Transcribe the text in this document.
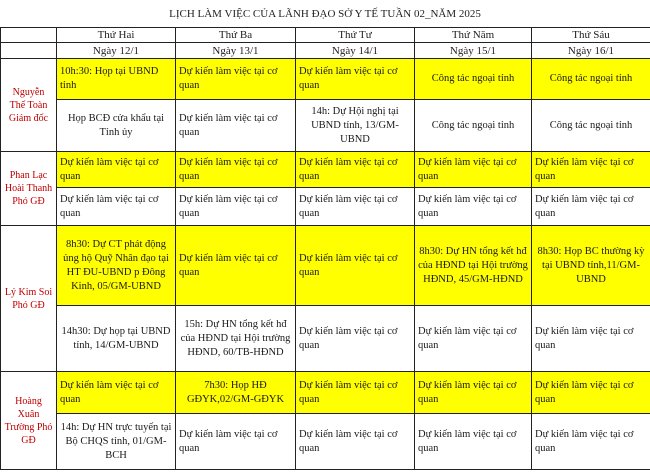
LỊCH LÀM VIỆC CỦA LÃNH ĐẠO SỞ Y TẾ TUẦN 02_NĂM 2025
	Thứ Hai	Thứ Ba	Thứ Tư	Thứ Năm	Thứ Sáu
	Ngày 12/1	Ngày 13/1	Ngày 14/1	Ngày 15/1	Ngày 16/1
Nguyễn Thế Toàn Giám đốc	10h:30: Họp tại UBND tỉnh	Dự kiến làm việc tại cơ quan	Dự kiến làm việc tại cơ quan	Công tác ngoại tỉnh	Công tác ngoại tỉnh
	Họp BCĐ cửa khẩu tại Tỉnh ủy	Dự kiến làm việc tại cơ quan	14h: Dự Hội nghị tại UBND tỉnh, 13/GM-UBND	Công tác ngoại tỉnh	Công tác ngoại tỉnh
Phan Lạc Hoài Thanh Phó GĐ	Dự kiến làm việc tại cơ quan	Dự kiến làm việc tại cơ quan	Dự kiến làm việc tại cơ quan	Dự kiến làm việc tại cơ quan	Dự kiến làm việc tại cơ quan
	Dự kiến làm việc tại cơ quan	Dự kiến làm việc tại cơ quan	Dự kiến làm việc tại cơ quan	Dự kiến làm việc tại cơ quan	Dự kiến làm việc tại cơ quan
Lý Kim Soi Phó GĐ	8h30: Dự CT phát động ủng hộ Quỹ Nhân đạo tại HT ĐU-UBND p Đông Kinh, 05/GM-UBND	Dự kiến làm việc tại cơ quan	Dự kiến làm việc tại cơ quan	8h30: Dự HN tổng kết hđ của HĐND tại Hội trường HĐND, 45/GM-HĐND	8h30: Họp BC thường kỳ tại UBND tỉnh,11/GM-UBND
	14h30: Dự họp tại UBND tỉnh, 14/GM-UBND	15h: Dự HN tổng kết hđ của HĐND tại Hội trường HĐND, 60/TB-HĐND	Dự kiến làm việc tại cơ quan	Dự kiến làm việc tại cơ quan	Dự kiến làm việc tại cơ quan
Hoàng Xuân Trường Phó GĐ	Dự kiến làm việc tại cơ quan	7h30: Họp HĐ GĐYK,02/GM-GĐYK	Dự kiến làm việc tại cơ quan	Dự kiến làm việc tại cơ quan	Dự kiến làm việc tại cơ quan
	14h: Dự HN trực tuyến tại Bộ CHQS tỉnh, 01/GM-BCH	Dự kiến làm việc tại cơ quan	Dự kiến làm việc tại cơ quan	Dự kiến làm việc tại cơ quan	Dự kiến làm việc tại cơ quan
